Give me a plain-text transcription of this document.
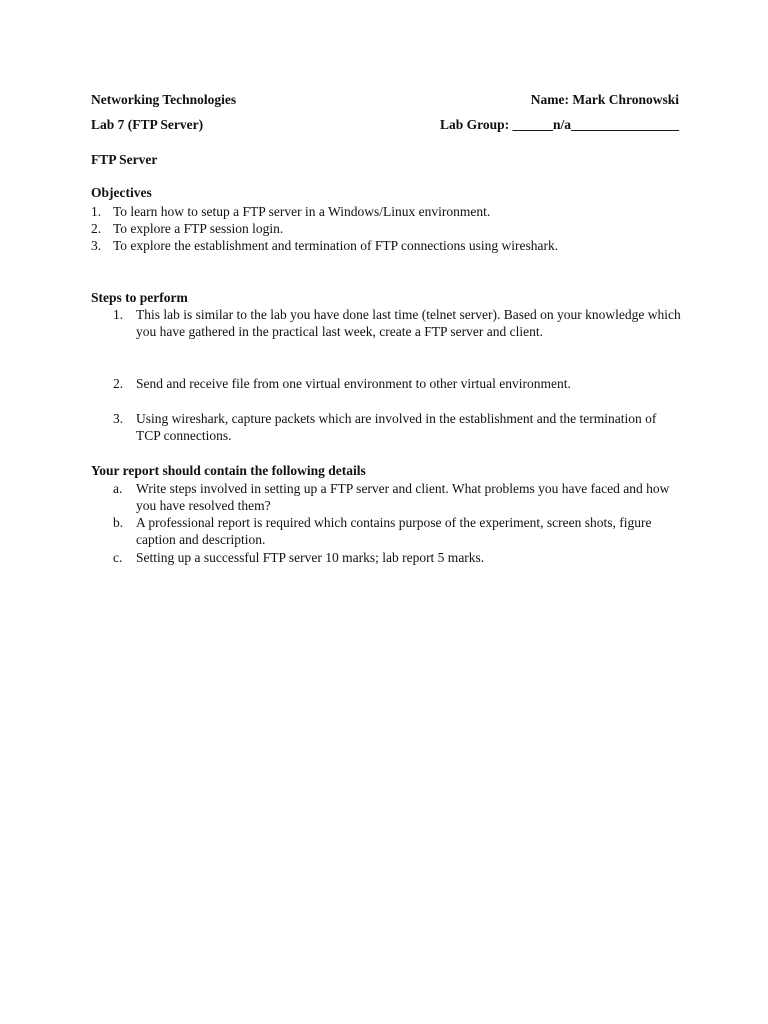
Networking Technologies	Name: Mark Chronowski
Lab 7 (FTP Server)	Lab Group: ______n/a________________
FTP Server
Objectives
1. To learn how to setup a FTP server in a Windows/Linux environment.
2. To explore a FTP session login.
3. To explore the establishment and termination of FTP connections using wireshark.
Steps to perform
1. This lab is similar to the lab you have done last time (telnet server). Based on your knowledge which you have gathered in the practical last week, create a FTP server and client.
2. Send and receive file from one virtual environment to other virtual environment.
3. Using wireshark, capture packets which are involved in the establishment and the termination of TCP connections.
Your report should contain the following details
a. Write steps involved in setting up a FTP server and client. What problems you have faced and how you have resolved them?
b. A professional report is required which contains purpose of the experiment, screen shots, figure caption and description.
c. Setting up a successful FTP server 10 marks; lab report 5 marks.
